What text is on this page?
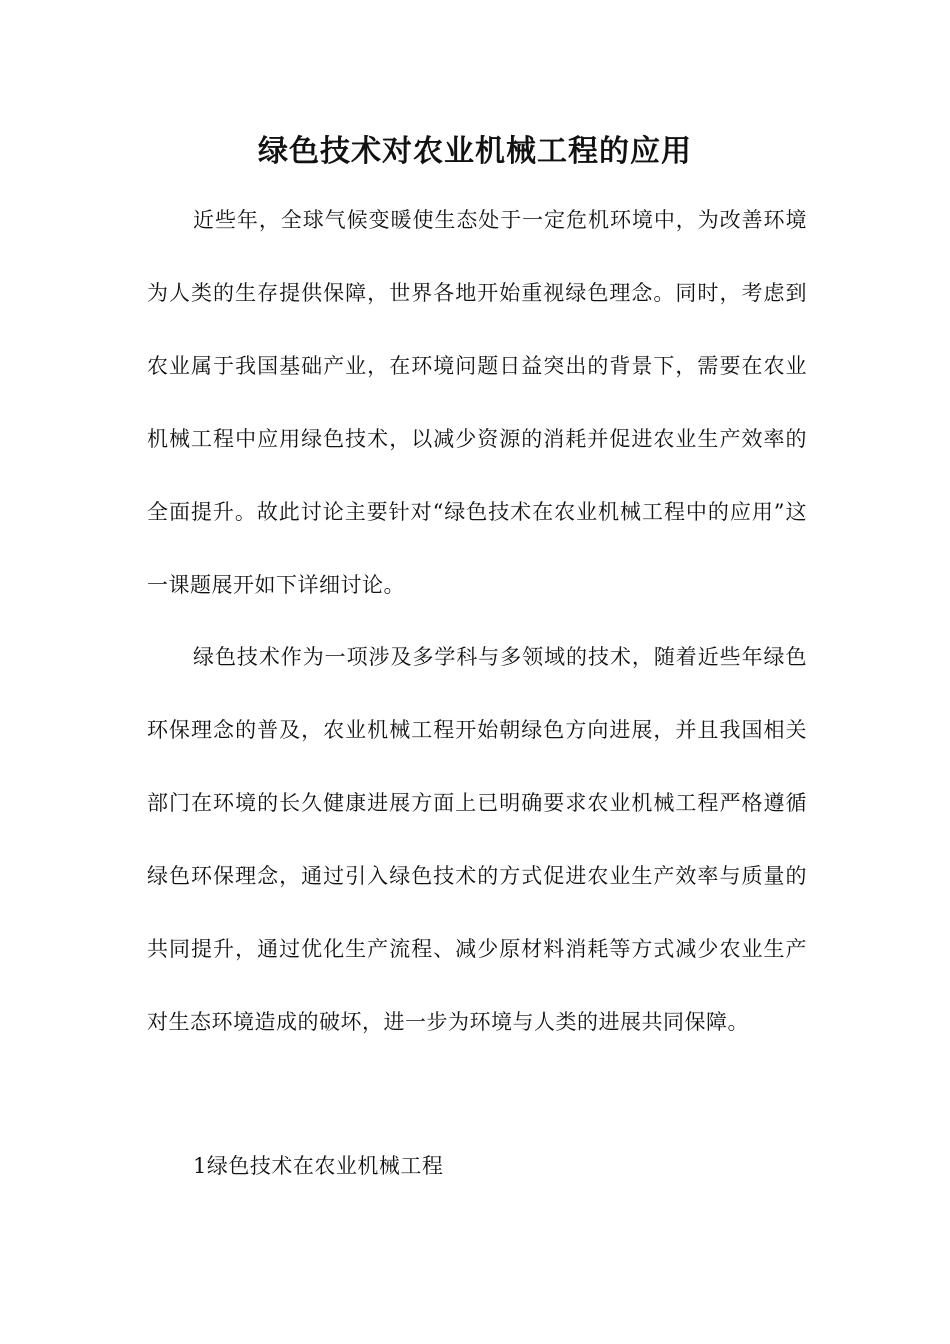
绿色技术对农业机械工程的应用

近些年，全球气候变暖使生态处于一定危机环境中，为改善环境为人类的生存提供保障，世界各地开始重视绿色理念。同时，考虑到农业属于我国基础产业，在环境问题日益突出的背景下，需要在农业机械工程中应用绿色技术，以减少资源的消耗并促进农业生产效率的全面提升。故此讨论主要针对“绿色技术在农业机械工程中的应用”这一课题展开如下详细讨论。

绿色技术作为一项涉及多学科与多领域的技术，随着近些年绿色环保理念的普及，农业机械工程开始朝绿色方向进展，并且我国相关部门在环境的长久健康进展方面上已明确要求农业机械工程严格遵循绿色环保理念，通过引入绿色技术的方式促进农业生产效率与质量的共同提升，通过优化生产流程、减少原材料消耗等方式减少农业生产对生态环境造成的破坏，进一步为环境与人类的进展共同保障。

1绿色技术在农业机械工程
